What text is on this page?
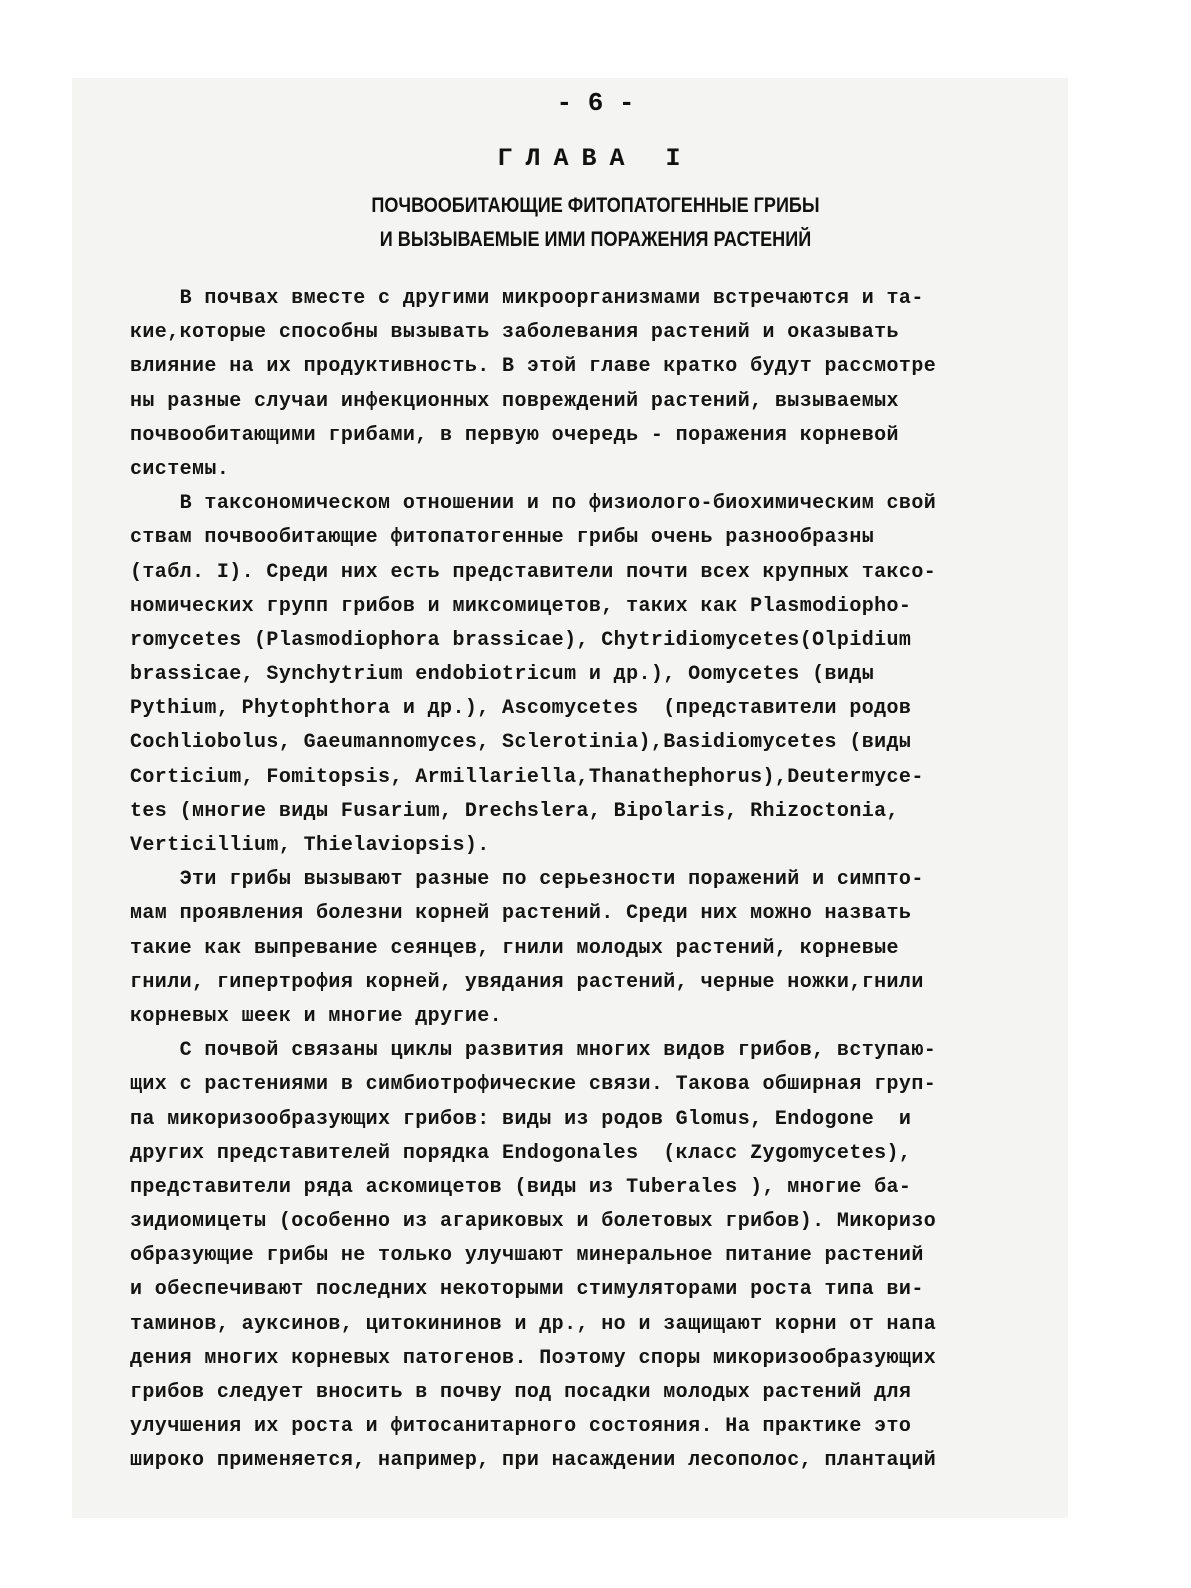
- 6 -
ГЛАВА I
ПОЧВООБИТАЮЩИЕ ФИТОПАТОГЕННЫЕ ГРИБЫ
И ВЫЗЫВАЕМЫЕ ИМИ ПОРАЖЕНИЯ РАСТЕНИЙ
В почвах вместе с другими микроорганизмами встречаются и та-
кие,которые способны вызывать заболевания растений и оказывать
влияние на их продуктивность. В этой главе кратко будут рассмотре
ны разные случаи инфекционных повреждений растений, вызываемых
почвообитающими грибами, в первую очередь - поражения корневой
системы.
В таксономическом отношении и по физиолого-биохимическим свой
ствам почвообитающие фитопатогенные грибы очень разнообразны
(табл. I). Среди них есть представители почти всех крупных таксо-
номических групп грибов и миксомицетов, таких как Plasmodiopho-
romycetes (Plasmodiophora brassicae), Chytridiomycetes(Olpidium
brassicae, Synchytrium endobiotricum и др.), Oomycetes (виды
Pythium, Phytophthora и др.), Ascomycetes  (представители родов
Cochliobolus, Gaeumannomyces, Sclerotinia),Basidiomycetes (виды
Corticium, Fomitopsis, Armillariella,Thanathephorus),Deutermyce-
tes (многие виды Fusarium, Drechslera, Bipolaris, Rhizoctonia,
Verticillium, Thielaviopsis).
Эти грибы вызывают разные по серьезности поражений и симпто-
мам проявления болезни корней растений. Среди них можно назвать
такие как выпревание сеянцев, гнили молодых растений, корневые
гнили, гипертрофия корней, увядания растений, черные ножки,гнили
корневых шеек и многие другие.
С почвой связаны циклы развития многих видов грибов, вступаю-
щих с растениями в симбиотрофические связи. Такова обширная груп-
па микоризообразующих грибов: виды из родов Glomus, Endogone  и
других представителей порядка Endogonales  (класс Zygomycetes),
представители ряда аскомицетов (виды из Tuberales ), многие ба-
зидиомицеты (особенно из агариковых и болетовых грибов). Микоризо
образующие грибы не только улучшают минеральное питание растений
и обеспечивают последних некоторыми стимуляторами роста типа ви-
таминов, ауксинов, цитокининов и др., но и защищают корни от напа
дения многих корневых патогенов. Поэтому споры микоризообразующих
грибов следует вносить в почву под посадки молодых растений для
улучшения их роста и фитосанитарного состояния. На практике это
широко применяется, например, при насаждении лесополос, плантаций
